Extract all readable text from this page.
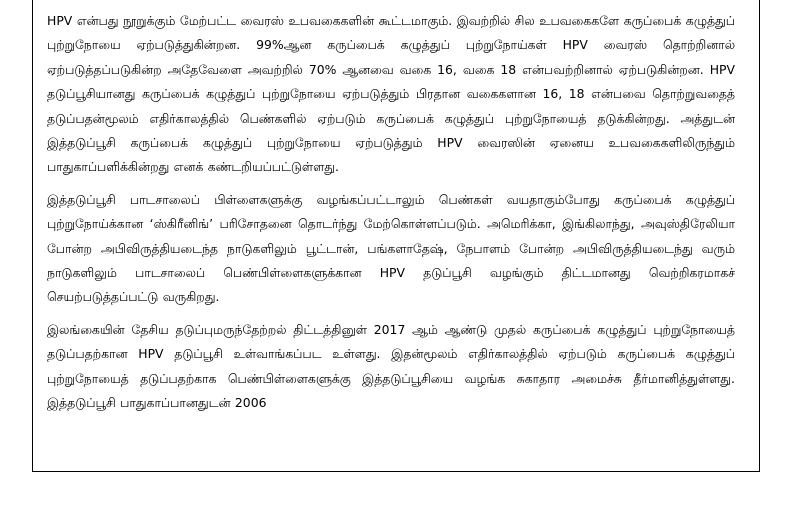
HPV என்பது நூறுக்கும் மேற்பட்ட வைரஸ் உபவகைகளின் கூட்டமாகும். இவற்றில் சில உபவகைகளே கருப்பைக் கழுத்துப் புற்றுநோயை ஏற்படுத்துகின்றன. 99%ஆன கருப்பைக் கழுத்துப் புற்றுநோய்கள் HPV வைரஸ் தொற்றினால் ஏற்படுத்தப்படுகின்ற அதேவேளை அவற்றில் 70% ஆனவை வகை 16, வகை 18 என்பவற்றினால் ஏற்படுகின்றன. HPV தடுப்பூசியானது கருப்பைக் கழுத்துப் புற்றுநோயை ஏற்படுத்தும் பிரதான வகைகளான 16, 18 என்பவை தொற்றுவதைத் தடுப்பதன்மூலம் எதிர்காலத்தில் பெண்களில் ஏற்படும் கருப்பைக் கழுத்துப் புற்றுநோயைத் தடுக்கின்றது. அத்துடன் இத்தடுப்பூசி கருப்பைக் கழுத்துப் புற்றுநோயை ஏற்படுத்தும் HPV வைரஸின் ஏனைய உபவகைகளிலிருந்தும் பாதுகாப்பளிக்கின்றது எனக் கண்டறியப்பட்டுள்ளது.

இத்தடுப்பூசி பாடசாலைப் பிள்ளைகளுக்கு வழங்கப்பட்டாலும் பெண்கள் வயதாகும்போது கருப்பைக் கழுத்துப் புற்றுநோய்க்கான ‘ஸ்கிரீனிங்’ பரிசோதனை தொடர்ந்து மேற்கொள்ளப்படும். அமெரிக்கா, இங்கிலாந்து, அவுஸ்திரேலியா போன்ற அபிவிருத்தியடைந்த நாடுகளிலும் பூட்டான், பங்களாதேஷ், நேபாளம் போன்ற அபிவிருத்தியடைந்து வரும் நாடுகளிலும் பாடசாலைப் பெண்பிள்ளைகளுக்கான HPV தடுப்பூசி வழங்கும் திட்டமானது வெற்றிகரமாகச் செயற்படுத்தப்பட்டு வருகிறது.

இலங்கையின் தேசிய தடுப்புமருந்தேற்றல் திட்டத்தினுள் 2017 ஆம் ஆண்டு முதல் கருப்பைக் கழுத்துப் புற்றுநோயைத் தடுப்பதற்கான HPV தடுப்பூசி உள்வாங்கப்பட உள்ளது. இதன்மூலம் எதிர்காலத்தில் ஏற்படும் கருப்பைக் கழுத்துப் புற்றுநோயைத் தடுப்பதற்காக பெண்பிள்ளைகளுக்கு இத்தடுப்பூசியை வழங்க சுகாதார அமைச்சு தீர்மானித்துள்ளது. இத்தடுப்பூசி பாதுகாப்பானதுடன் 2006
